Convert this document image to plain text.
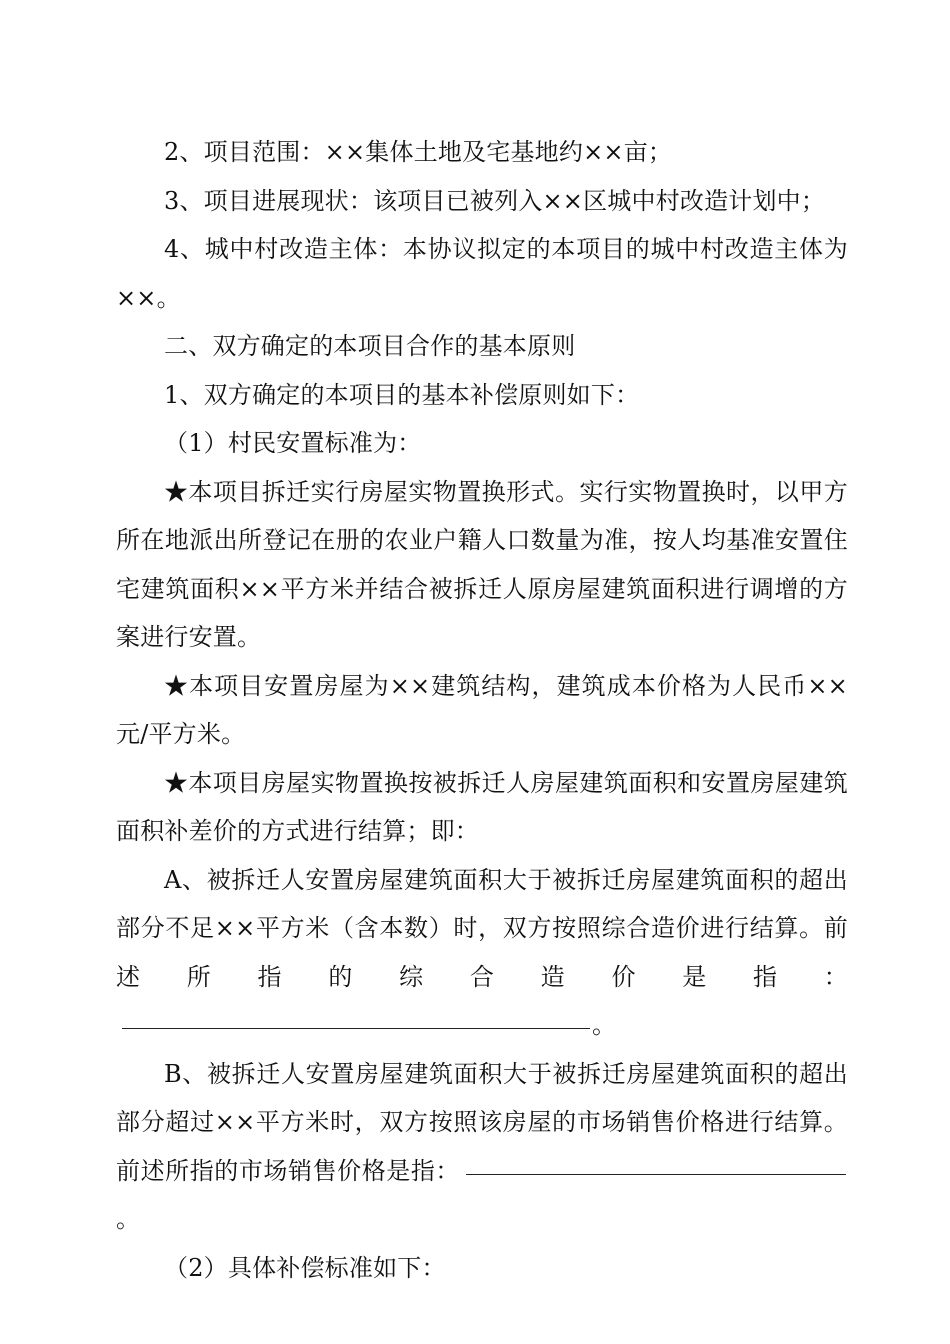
2、项目范围：××集体土地及宅基地约××亩；

3、项目进展现状：该项目已被列入××区城中村改造计划中；

4、城中村改造主体：本协议拟定的本项目的城中村改造主体为××。

二、双方确定的本项目合作的基本原则

1、双方确定的本项目的基本补偿原则如下：

（1）村民安置标准为：

★本项目拆迁实行房屋实物置换形式。实行实物置换时，以甲方所在地派出所登记在册的农业户籍人口数量为准，按人均基准安置住宅建筑面积××平方米并结合被拆迁人原房屋建筑面积进行调增的方案进行安置。

★本项目安置房屋为××建筑结构，建筑成本价格为人民币××元/平方米。

★本项目房屋实物置换按被拆迁人房屋建筑面积和安置房屋建筑面积补差价的方式进行结算；即：

A、被拆迁人安置房屋建筑面积大于被拆迁房屋建筑面积的超出部分不足××平方米（含本数）时，双方按照综合造价进行结算。前述所指的综合造价是指：。

B、被拆迁人安置房屋建筑面积大于被拆迁房屋建筑面积的超出部分超过××平方米时，双方按照该房屋的市场销售价格进行结算。前述所指的市场销售价格是指：。

（2）具体补偿标准如下：
